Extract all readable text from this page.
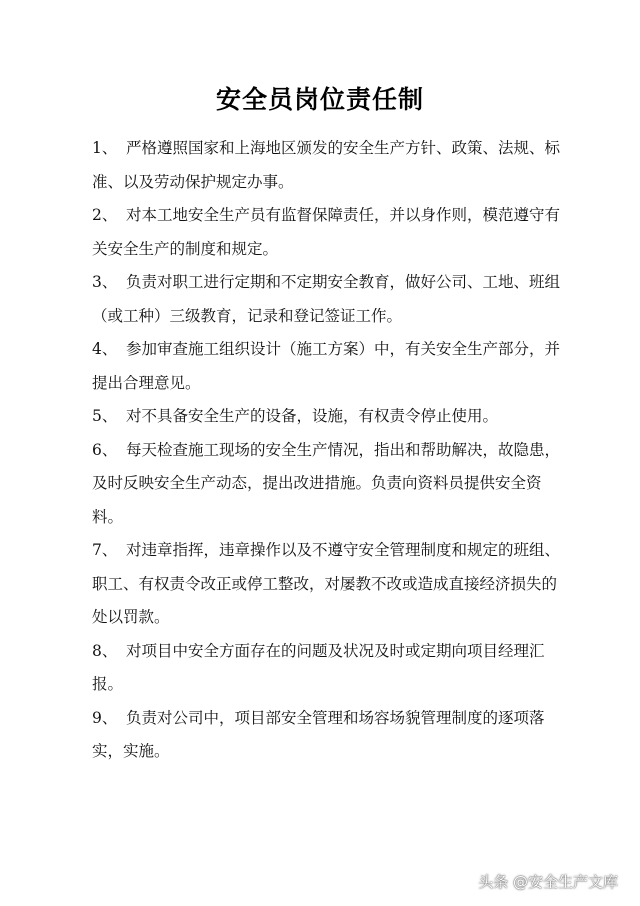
安全员岗位责任制
1、 严格遵照国家和上海地区颁发的安全生产方针、政策、法规、标准、以及劳动保护规定办事。
2、 对本工地安全生产员有监督保障责任，并以身作则，模范遵守有关安全生产的制度和规定。
3、 负责对职工进行定期和不定期安全教育，做好公司、工地、班组（或工种）三级教育，记录和登记签证工作。
4、 参加审查施工组织设计（施工方案）中，有关安全生产部分，并提出合理意见。
5、 对不具备安全生产的设备，设施，有权责令停止使用。
6、 每天检查施工现场的安全生产情况，指出和帮助解决，故隐患，及时反映安全生产动态，提出改进措施。负责向资料员提供安全资料。
7、 对违章指挥，违章操作以及不遵守安全管理制度和规定的班组、职工、有权责令改正或停工整改，对屡教不改或造成直接经济损失的处以罚款。
8、 对项目中安全方面存在的问题及状况及时或定期向项目经理汇报。
9、 负责对公司中，项目部安全管理和场容场貌管理制度的逐项落实，实施。
头条 @安全生产文库
